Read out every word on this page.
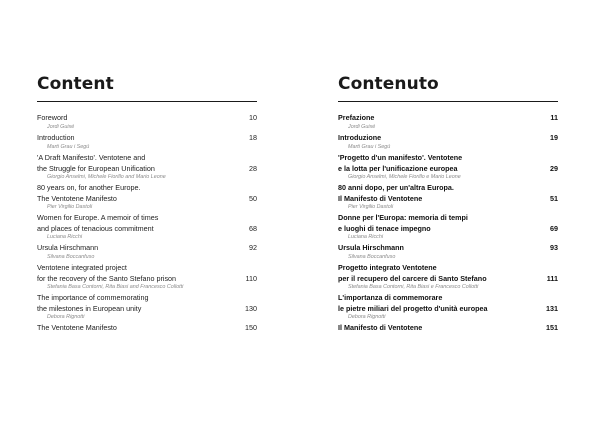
Content
Foreword	10
Jordi Guixé
Introduction	18
Marti Grau i Segú
'A Draft Manifesto'. Ventotene and
the Struggle for European Unification	28
Giorgio Anselmi, Michele Fiorillo and Mario Leone
80 years on, for another Europe.
The Ventotene Manifesto	50
Pier Virgilio Dastoli
Women for Europe. A memoir of times
and places of tenacious commitment	68
Luciana Ricchi
Ursula Hirschmann	92
Silvana Boccanfuso
Ventotene integrated project
for the recovery of the Santo Stefano prison	110
Stefania Basa Contorni, Rita Biasi and Francesco Collotti
The importance of commemorating
the milestones in European unity	130
Debora Rignotti
The Ventotene Manifesto	150
Contenuto
Prefazione	11
Jordi Guixé
Introduzione	19
Marti Grau i Segú
'Progetto d'un manifesto'. Ventotene
e la lotta per l'unificazione europea	29
Giorgio Anselmi, Michele Fiorillo e Mario Leone
80 anni dopo, per un'altra Europa.
Il Manifesto di Ventotene	51
Pier Virgilio Dastoli
Donne per l'Europa: memoria di tempi
e luoghi di tenace impegno	69
Luciana Ricchi
Ursula Hirschmann	93
Silvana Boccanfuso
Progetto integrato Ventotene
per il recupero del carcere di Santo Stefano	111
Stefania Basa Contorni, Rita Biasi e Francesco Collotti
L'importanza di commemorare
le pietre miliari del progetto d'unità europea	131
Debora Rignotti
Il Manifesto di Ventotene	151
